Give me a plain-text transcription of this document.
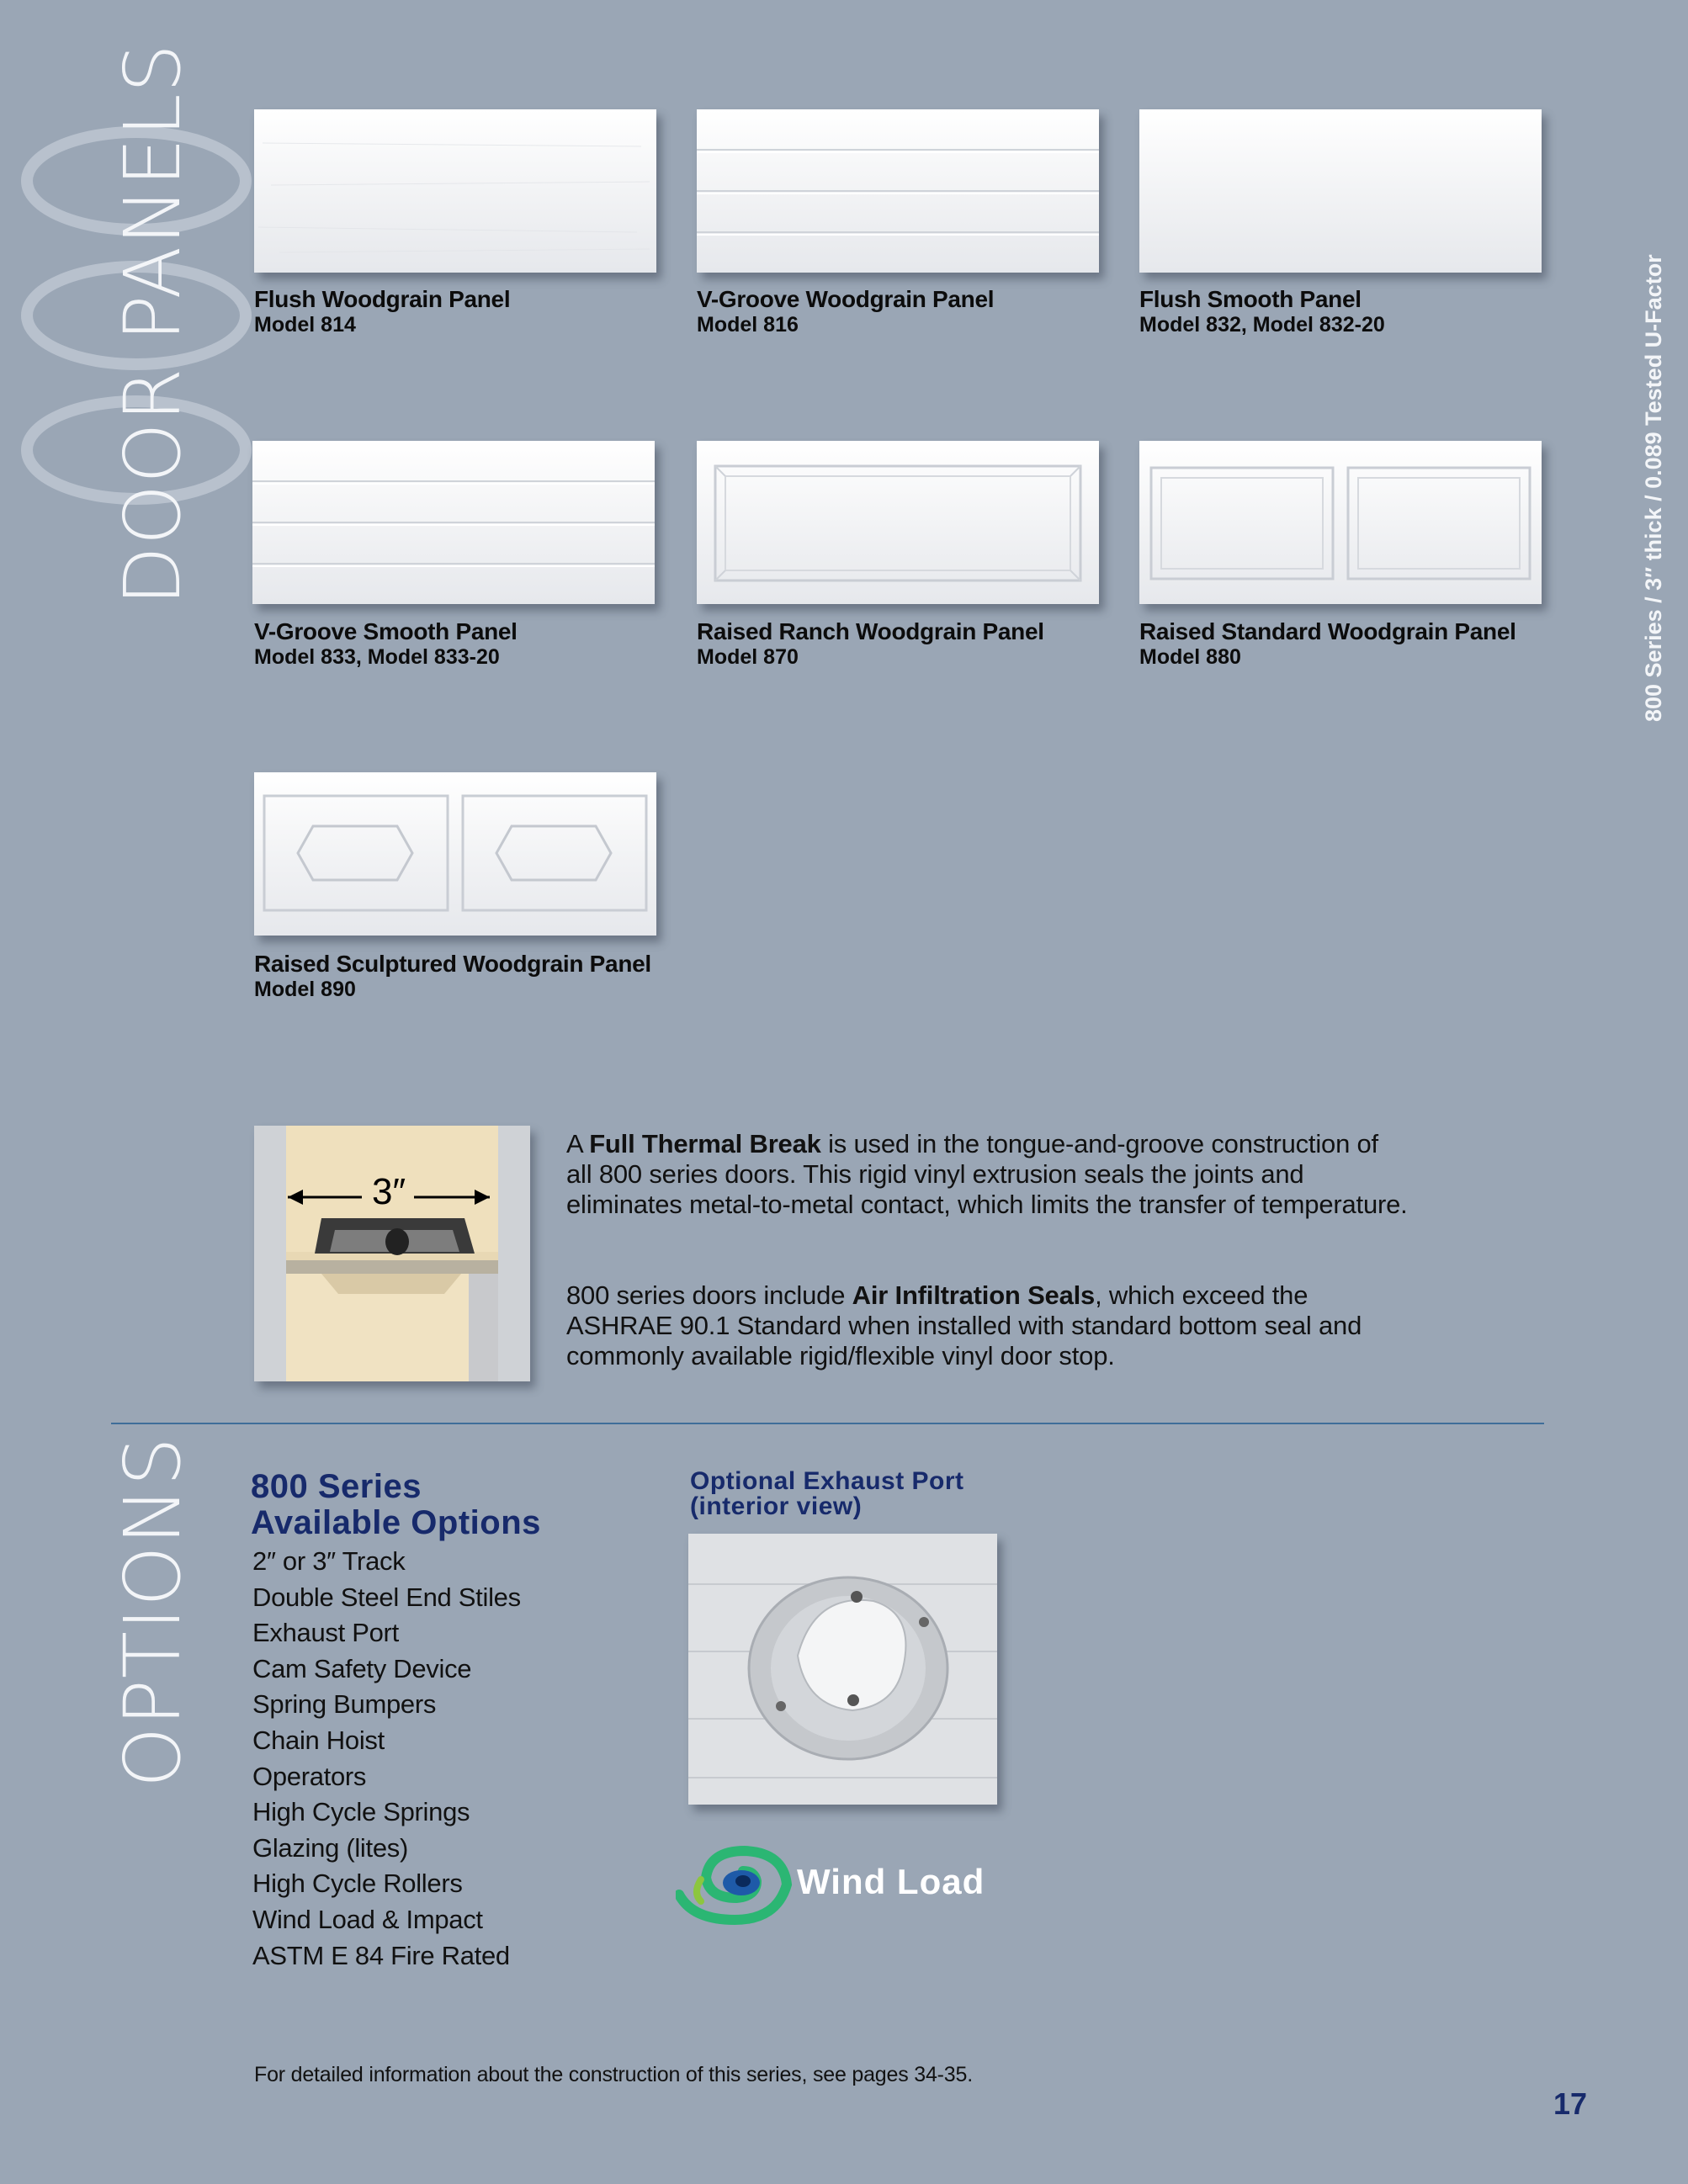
DOOR PANELS	800 Series / 3″ thick / 0.089 Tested U-Factor
Flush Woodgrain Panel
Model 814
V-Groove Woodgrain Panel
Model 816
Flush Smooth Panel
Model 832, Model 832-20
V-Groove Smooth Panel
Model 833, Model 833-20
Raised Ranch Woodgrain Panel
Model 870
Raised Standard Woodgrain Panel
Model 880
Raised Sculptured Woodgrain Panel
Model 890
3″
A Full Thermal Break is used in the tongue-and-groove construction of all 800 series doors. This rigid vinyl extrusion seals the joints and eliminates metal-to-metal contact, which limits the transfer of temperature.
800 series doors include Air Infiltration Seals, which exceed the ASHRAE 90.1 Standard when installed with standard bottom seal and commonly available rigid/flexible vinyl door stop.
OPTIONS 800 Series
Available Options
2″ or 3″ Track
Double Steel End Stiles
Exhaust Port
Cam Safety Device
Spring Bumpers
Chain Hoist
Operators
High Cycle Springs
Glazing (lites)
High Cycle Rollers
Wind Load & Impact
ASTM E 84 Fire Rated
Optional Exhaust Port
(interior view)
Wind Load
For detailed information about the construction of this series, see pages 34-35.
17
